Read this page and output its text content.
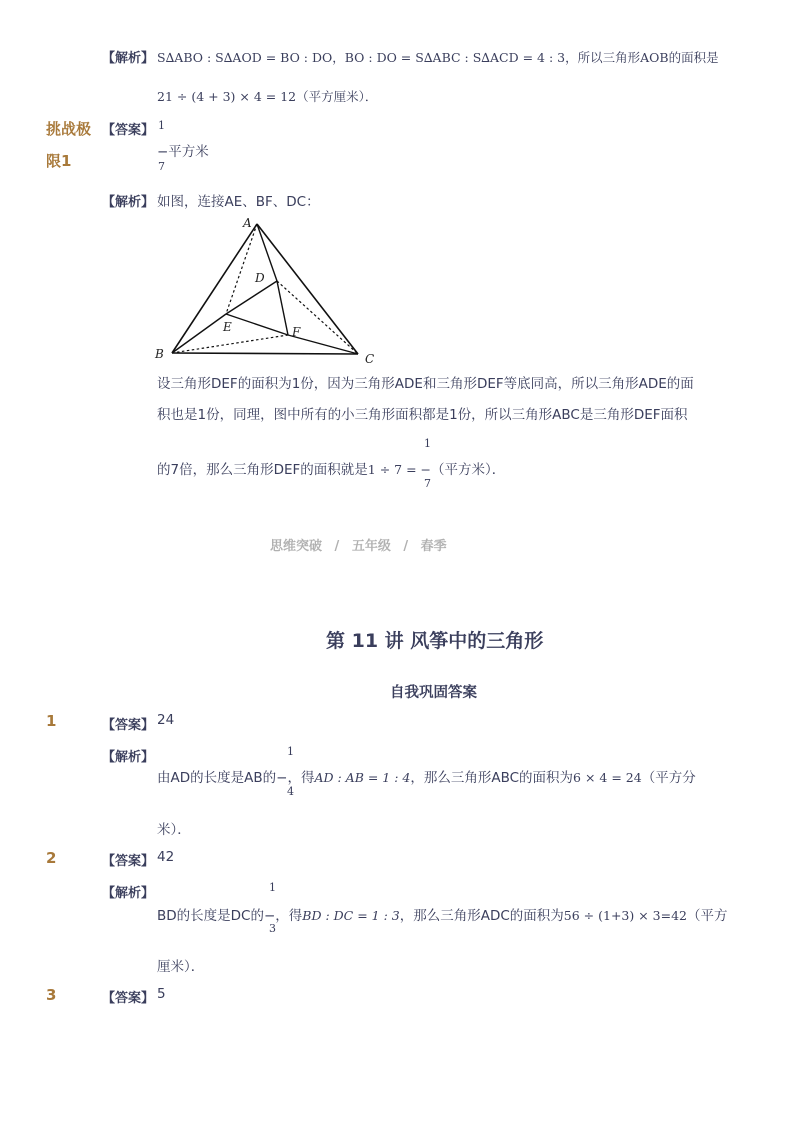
【解析】 S∆ABO : S∆AOD = BO : DO，BO : DO = S∆ABC : S∆ACD = 4 : 3，所以三角形AOB的面积是
21 ÷ (4 + 3) × 4 = 12（平方厘米）．
挑战极
限1
【答案】 1
−平方米
7
【解析】 如图，连接AE、BF、DC：
A
B	C
D
E	F
设三角形DEF的面积为1份，因为三角形ADE和三角形DEF等底同高，所以三角形ADE的面
积也是1份，同理，图中所有的小三角形面积都是1份，所以三角形ABC是三角形DEF面积
1
的7倍，那么三角形DEF的面积就是1 ÷ 7 = −（平方米）．
7
思维突破 / 五年级 / 春季
第 11 讲 风筝中的三角形
自我巩固答案
1	【答案】 24
【解析】	1
由AD的长度是AB的−，得AD : AB = 1 : 4，那么三角形ABC的面积为6 × 4 = 24（平方分
4
米）．
2	【答案】 42
【解析】	1
BD的长度是DC的−，得BD : DC = 1 : 3，那么三角形ADC的面积为56 ÷ (1+3) × 3=42（平方
3
厘米）．
3	【答案】 5
